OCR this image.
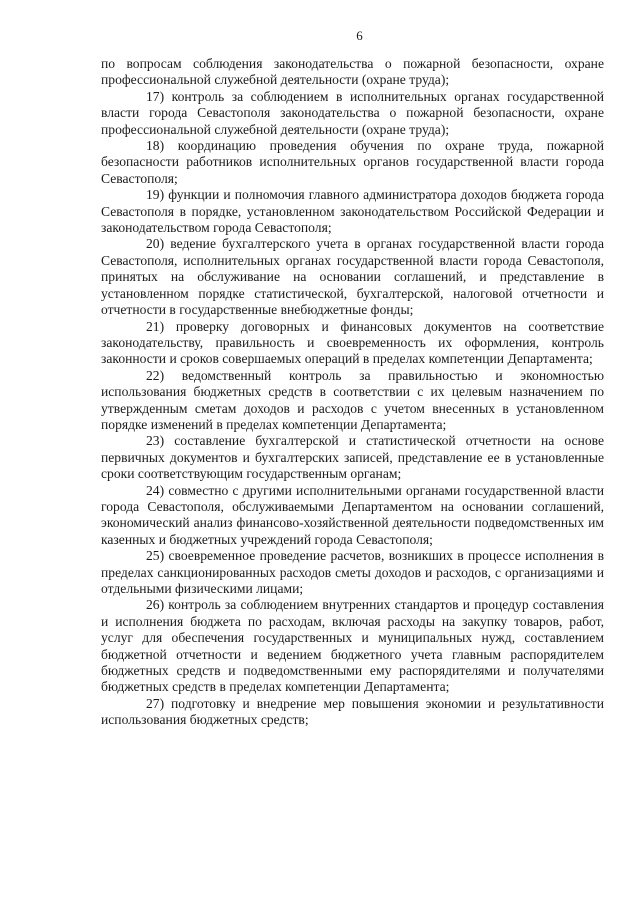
6

по вопросам соблюдения законодательства о пожарной безопасности, охране профессиональной служебной деятельности (охране труда);

17) контроль за соблюдением в исполнительных органах государственной власти города Севастополя законодательства о пожарной безопасности, охране профессиональной служебной деятельности (охране труда);

18) координацию проведения обучения по охране труда, пожарной безопасности работников исполнительных органов государственной власти города Севастополя;

19) функции и полномочия главного администратора доходов бюджета города Севастополя в порядке, установленном законодательством Российской Федерации и законодательством города Севастополя;

20) ведение бухгалтерского учета в органах государственной власти города Севастополя, исполнительных органах государственной власти города Севастополя, принятых на обслуживание на основании соглашений, и представление в установленном порядке статистической, бухгалтерской, налоговой отчетности и отчетности в государственные внебюджетные фонды;

21) проверку договорных и финансовых документов на соответствие законодательству, правильность и своевременность их оформления, контроль законности и сроков совершаемых операций в пределах компетенции Департамента;

22) ведомственный контроль за правильностью и экономностью использования бюджетных средств в соответствии с их целевым назначением по утвержденным сметам доходов и расходов с учетом внесенных в установленном порядке изменений в пределах компетенции Департамента;

23) составление бухгалтерской и статистической отчетности на основе первичных документов и бухгалтерских записей, представление ее в установленные сроки соответствующим государственным органам;

24) совместно с другими исполнительными органами государственной власти города Севастополя, обслуживаемыми Департаментом на основании соглашений, экономический анализ финансово-хозяйственной деятельности подведомственных им казенных и бюджетных учреждений города Севастополя;

25) своевременное проведение расчетов, возникших в процессе исполнения в пределах санкционированных расходов сметы доходов и расходов, с организациями и отдельными физическими лицами;

26) контроль за соблюдением внутренних стандартов и процедур составления и исполнения бюджета по расходам, включая расходы на закупку товаров, работ, услуг для обеспечения государственных и муниципальных нужд, составлением бюджетной отчетности и ведением бюджетного учета главным распорядителем бюджетных средств и подведомственными ему распорядителями и получателями бюджетных средств в пределах компетенции Департамента;

27) подготовку и внедрение мер повышения экономии и результативности использования бюджетных средств;
